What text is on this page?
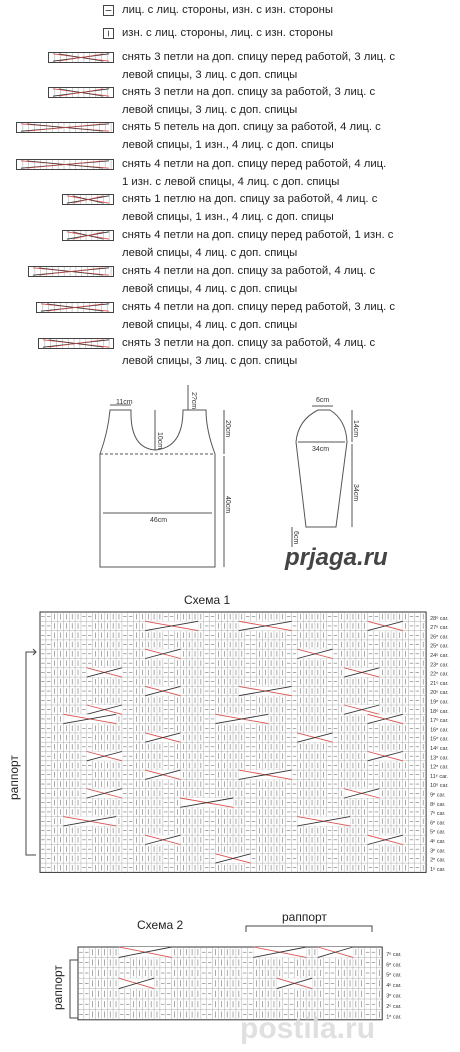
лиц. с лиц. стороны, изн. с изн. стороны
изн. с лиц. стороны, лиц. с изн. стороны
снять 3 петли на доп. спицу перед работой, 3 лиц. с
левой спицы, 3 лиц. с доп. спицы
снять 3 петли на доп. спицу за работой, 3 лиц. с
левой спицы, 3 лиц. с доп. спицы
снять 5 петель на доп. спицу за работой, 4 лиц. с
левой спицы, 1 изн., 4 лиц. с доп. спицы
снять 4 петли на доп. спицу перед работой, 4 лиц.
1 изн. с левой спицы, 4 лиц. с доп. спицы
снять 1 петлю на доп. спицу за работой, 4 лиц. с
левой спицы, 1 изн., 4 лиц. с доп. спицы
снять 4 петли на доп. спицу перед работой, 1 изн. с
левой спицы, 4 лиц. с доп. спицы
снять 4 петли на доп. спицу за работой, 4 лиц. с
левой спицы, 4 лиц. с доп. спицы
снять 4 петли на доп. спицу перед работой, 3 лиц. с
левой спицы, 4 лиц. с доп. спицы
снять 3 петли на доп. спицу за работой, 4 лиц. с
левой спицы, 3 лиц. с доп. спицы
11cm	2?cm
20cm
10cm
46cm
40cm
6cm
14cm
34cm
34cm
6cm
prjaga.ru
Схема 1
28ᵉ сar.
27ᵉ сar.
26ᵉ сar.
25ᵉ сar.
24ᵉ сar.
23ᵉ сar.
22ᵉ сar.
21ᵉ сar.
20ᵉ сar.
19ᵉ сar.
18ᵉ сar.
17ᵉ сar.
16ᵉ сar.
15ᵉ сar.
14ᵉ сar.
13ᵉ сar.
12ᵉ сar.
11ᵉ сar.
10ᵉ сar.
9ᵉ сar.
8ᵉ сar.
7ᵉ сar.
6ᵉ сar.
5ᵉ сar.
4ᵉ сar.
3ᵉ сar.
2ᵉ сar.
1ᵉ сar.
раппорт
Схема 2
раппорт
7ᵉ сar.
6ᵉ сar.
5ᵉ сar.
4ᵉ сar.
3ᵉ сar.
2ᵉ сar.
1ᵉ сar.
раппорт
postila.ru
